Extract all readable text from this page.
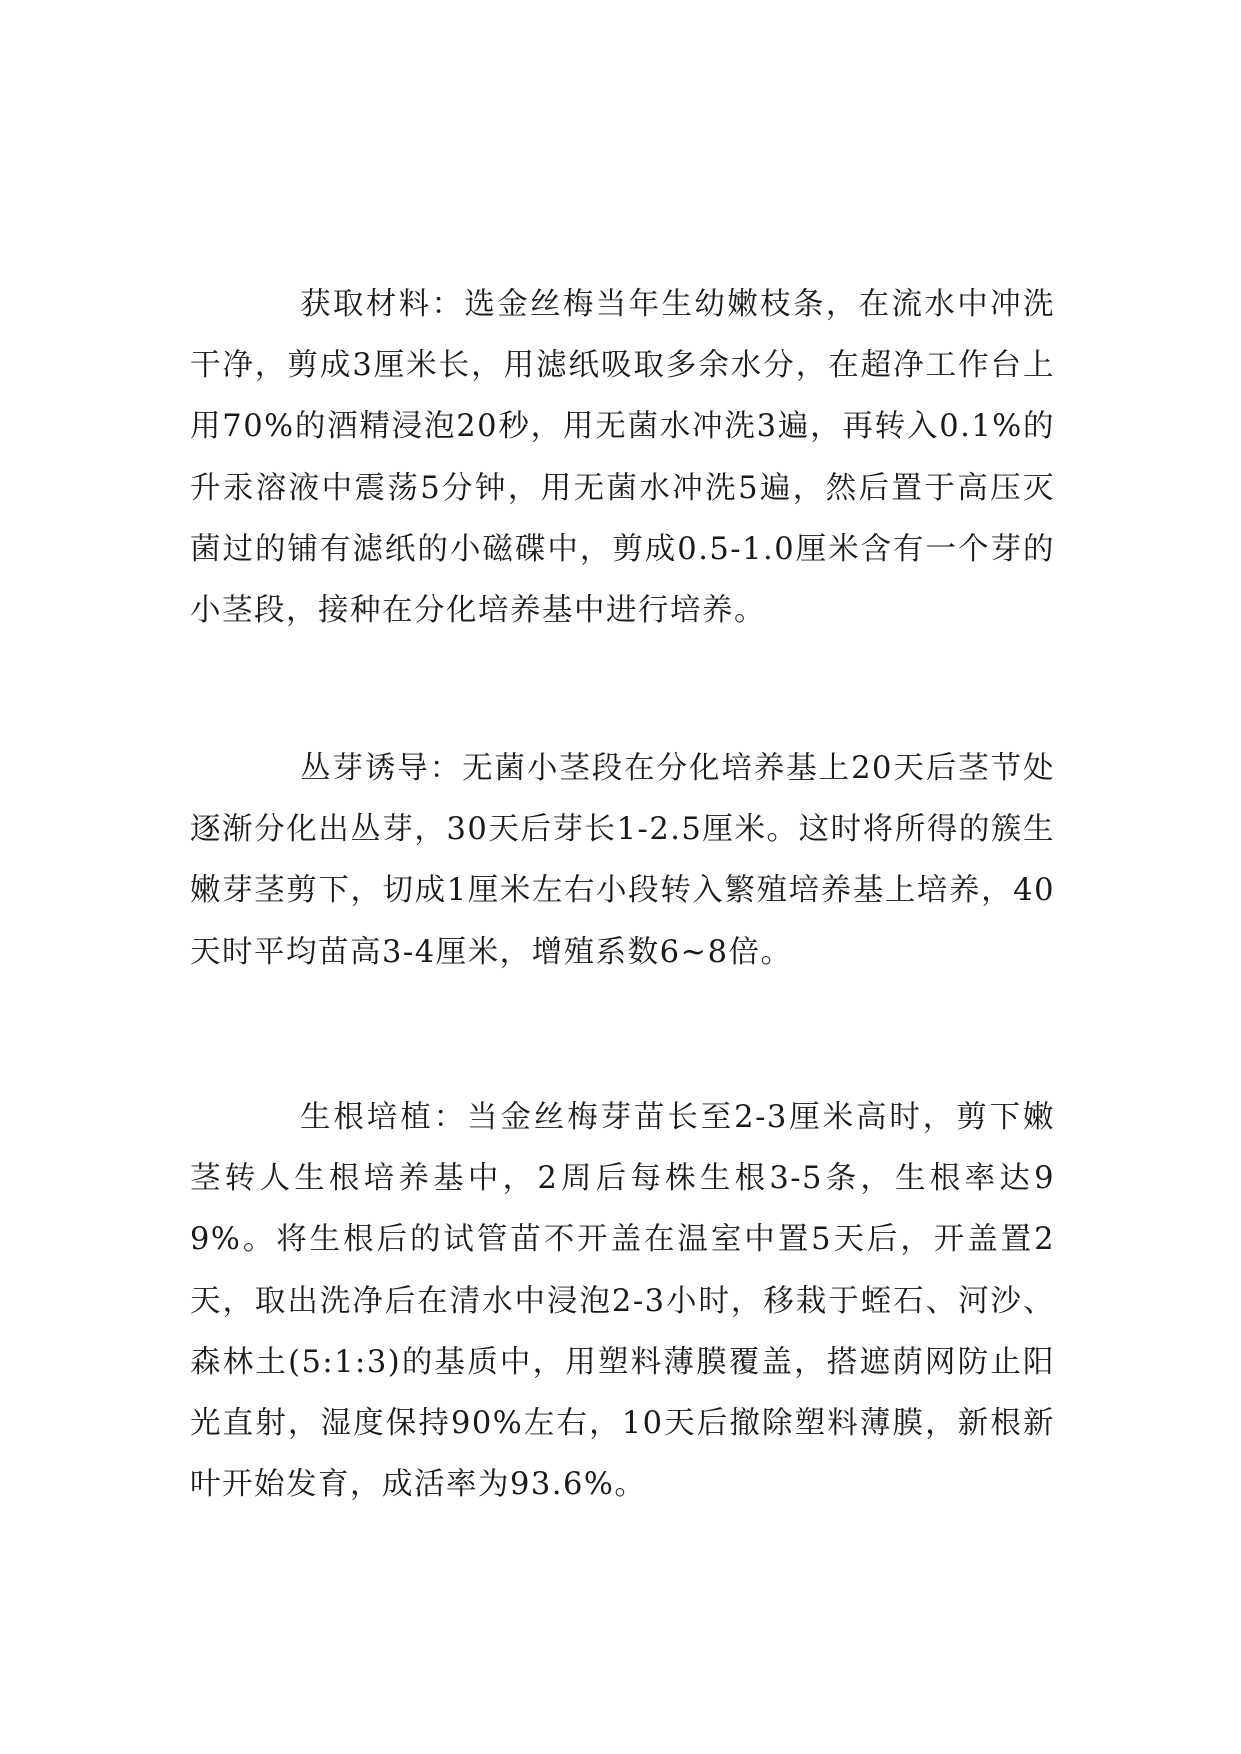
获取材料：选金丝梅当年生幼嫩枝条，在流水中冲洗干净，剪成3厘米长，用滤纸吸取多余水分，在超净工作台上用70%的酒精浸泡20秒，用无菌水冲洗3遍，再转入0.1%的升汞溶液中震荡5分钟，用无菌水冲洗5遍，然后置于高压灭菌过的铺有滤纸的小磁碟中，剪成0.5-1.0厘米含有一个芽的小茎段，接种在分化培养基中进行培养。

丛芽诱导：无菌小茎段在分化培养基上20天后茎节处逐渐分化出丛芽，30天后芽长1-2.5厘米。这时将所得的簇生嫩芽茎剪下，切成1厘米左右小段转入繁殖培养基上培养，40天时平均苗高3-4厘米，增殖系数6~8倍。

生根培植：当金丝梅芽苗长至2-3厘米高时，剪下嫩茎转人生根培养基中，2周后每株生根3-5条，生根率达99%。将生根后的试管苗不开盖在温室中置5天后，开盖置2天，取出洗净后在清水中浸泡2-3小时，移栽于蛭石、河沙、森林土(5:1:3)的基质中，用塑料薄膜覆盖，搭遮荫网防止阳光直射，湿度保持90%左右，10天后撤除塑料薄膜，新根新叶开始发育，成活率为93.6%。
